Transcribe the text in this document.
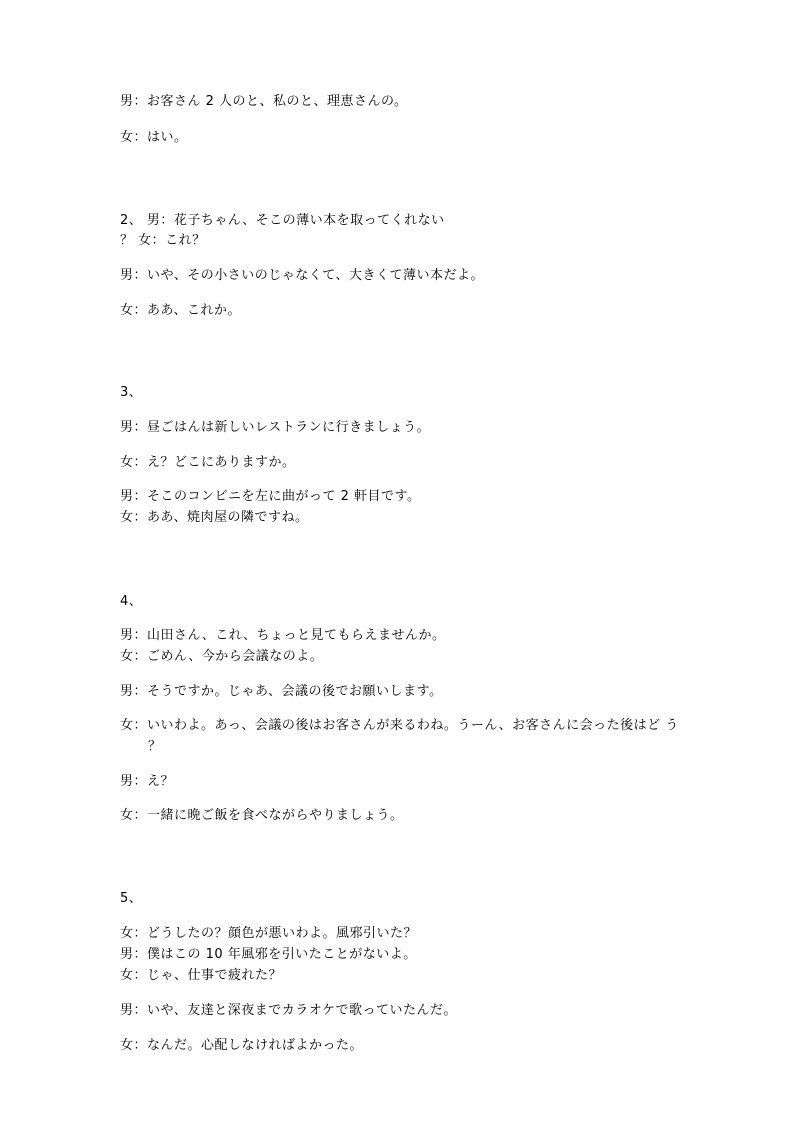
男：お客さん 2 人のと、私のと、理恵さんの。
女：はい。
2、 男：花子ちゃん、そこの薄い本を取ってくれない
？ 女：これ？
男：いや、その小さいのじゃなくて、大きくて薄い本だよ。
女：ああ、これか。
3、
男：昼ごはんは新しいレストランに行きましょう。
女：え？どこにありますか。
男：そこのコンビニを左に曲がって 2 軒目です。
女：ああ、焼肉屋の隣ですね。
4、
男：山田さん、これ、ちょっと見てもらえませんか。
女：ごめん、今から会議なのよ。
男：そうですか。じゃあ、会議の後でお願いします。
女：いいわよ。あっ、会議の後はお客さんが来るわね。うーん、お客さんに会った後はど う
？
男：え？
女：一緒に晩ご飯を食べながらやりましょう。
5、
女：どうしたの？顔色が悪いわよ。風邪引いた？
男：僕はこの 10 年風邪を引いたことがないよ。
女：じゃ、仕事で疲れた？
男：いや、友達と深夜までカラオケで歌っていたんだ。
女：なんだ。心配しなければよかった。
